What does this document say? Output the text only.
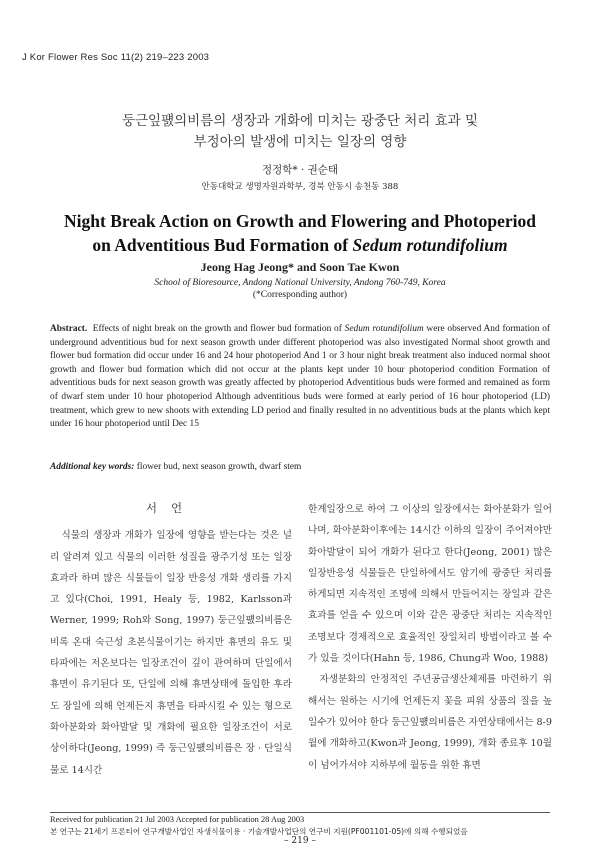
J Kor Flower Res Soc 11(2) 219–223 2003
둥근잎퍬의비름의 생장과 개화에 미치는 광중단 처리 효과 및
부정아의 발생에 미치는 일장의 영향
정정학* · 권순태
안동대학교 생명자원과학부, 경북 안동시 송천동 388
Night Break Action on Growth and Flowering and Photoperiod
on Adventitious Bud Formation of Sedum rotundifolium
Jeong Hag Jeong* and Soon Tae Kwon
School of Bioresource, Andong National University, Andong 760-749, Korea
(*Corresponding author)
Abstract. Effects of night break on the growth and flower bud formation of Sedum rotundifolium were observed And formation of underground adventitious bud for next season growth under different photoperiod was also investigated Normal shoot growth and flower bud formation did occur under 16 and 24 hour photoperiod And 1 or 3 hour night break treatment also induced normal shoot growth and flower bud formation which did not occur at the plants kept under 10 hour photoperiod condition Formation of adventitious buds for next season growth was greatly affected by photoperiod Adventitious buds were formed and remained as form of dwarf stem under 10 hour photoperiod Although adventitious buds were formed at early period of 16 hour photoperiod (LD) treatment, which grew to new shoots with extending LD period and finally resulted in no adventitious buds at the plants which kept under 16 hour photoperiod until Dec 15
Additional key words: flower bud, next season growth, dwarf stem
서언

식물의 생장과 개화가 일장에 영향을 받는다는 것은 널리 알려져 있고 식물의 이러한 성질을 광주기성 또는 일장효과라 하며 많은 식물들이 일장 반응성 개화 생리를 가지고 있다(Choi, 1991, Healy 등, 1982, Karlsson과 Werner, 1999; Roh와 Song, 1997) 둥근잎퍬의비름은 비록 온대 숙근성 초본식물이기는 하지만 휴면의 유도 및 타파에는 저온보다는 일장조건이 깊이 관여하며 단일에서 휴면이 유기된다 또, 단일에 의해 휴면상태에 돌입한 후라도 장일에 의해 언제든지 휴면을 타파시킬 수 있는 형으로 화아분화와 화아발달 및 개화에 필요한 일장조건이 서로 상이하다(Jeong, 1999) 즉 둥근잎퍬의비름은 장 · 단일식물로 14시간

한계일장으로 하여 그 이상의 일장에서는 화아분화가 일어나며, 화아분화이후에는 14시간 이하의 일장이 주어져야만 화아발달이 되어 개화가 된다고 한다(Jeong, 2001) 많은 일장반응성 식물들은 단일하에서도 암기에 광중단 처리를 하게되면 지속적인 조명에 의해서 만들어지는 장일과 같은 효과를 얻을 수 있으며 이와 같은 광중단 처리는 지속적인 조명보다 경제적으로 효율적인 장일처리 방법이라고 볼 수가 있을 것이다(Hahn 등, 1986, Chung과 Woo, 1988)

자생분화의 안정적인 주년공급생산체제를 마련하기 위해서는 원하는 시기에 언제든지 꽃을 피워 상품의 질을 높일수가 있어야 한다 둥근잎퍬의비름은 자연상태에서는 8-9월에 개화하고(Kwon과 Jeong, 1999), 개화 종료후 10월이 넘어가서야 지하부에 월동을 위한 휴면

Received for publication 21 Jul 2003 Accepted for publication 28 Aug 2003
본 연구는 21세기 프론티어 연구개발사업인 자생식물이용 · 기술개발사업단의 연구비 지원(PF001101-05)에 의해 수행되었음
– 219 –
